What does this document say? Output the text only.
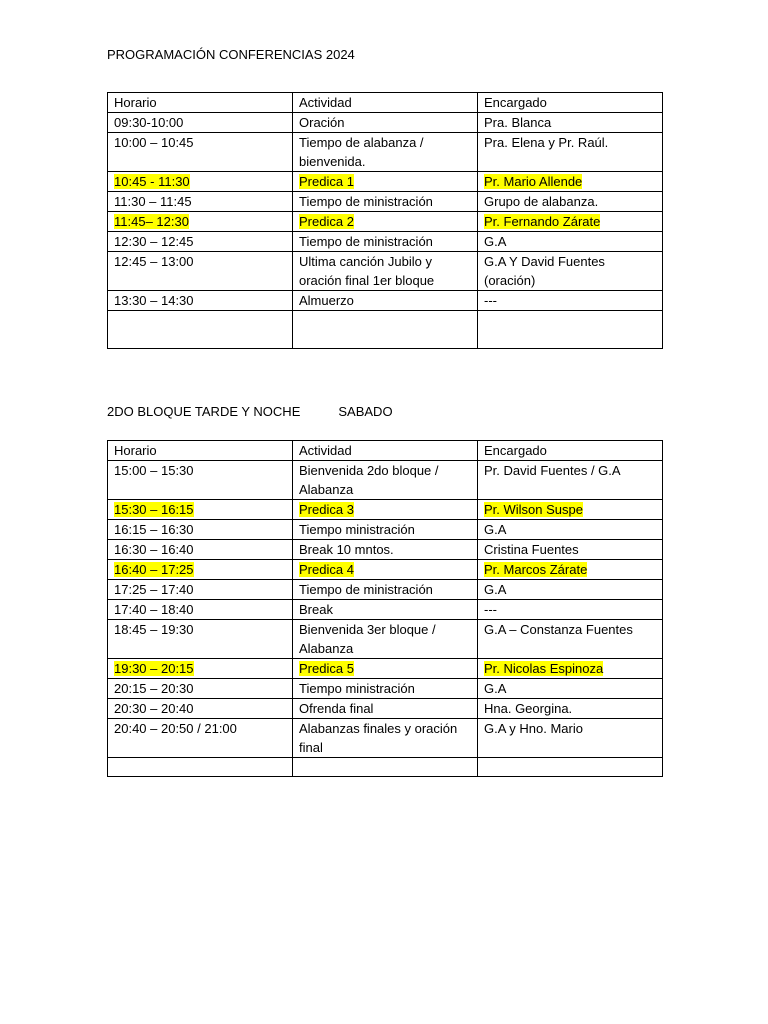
PROGRAMACIÓN CONFERENCIAS 2024

Horario	Actividad	Encargado
09:30-10:00	Oración	Pra. Blanca
10:00 – 10:45	Tiempo de alabanza / bienvenida.	Pra. Elena y Pr. Raúl.
10:45 - 11:30	Predica 1	Pr. Mario Allende
11:30 – 11:45	Tiempo de ministración	Grupo de alabanza.
11:45– 12:30	Predica 2	Pr. Fernando Zárate
12:30 – 12:45	Tiempo de ministración	G.A
12:45 – 13:00	Ultima canción Jubilo y oración final 1er bloque	G.A Y David Fuentes (oración)
13:30 – 14:30	Almuerzo	---

2DO BLOQUE TARDE Y NOCHE	SABADO

Horario	Actividad	Encargado
15:00 – 15:30	Bienvenida 2do bloque / Alabanza	Pr. David Fuentes / G.A
15:30 – 16:15	Predica 3	Pr. Wilson Suspe
16:15 – 16:30	Tiempo ministración	G.A
16:30 – 16:40	Break 10 mntos.	Cristina Fuentes
16:40 – 17:25	Predica 4	Pr. Marcos Zárate
17:25 – 17:40	Tiempo de ministración	G.A
17:40 – 18:40	Break	---
18:45 – 19:30	Bienvenida 3er bloque / Alabanza	G.A – Constanza Fuentes
19:30 – 20:15	Predica 5	Pr. Nicolas Espinoza
20:15 – 20:30	Tiempo ministración	G.A
20:30 – 20:40	Ofrenda final	Hna. Georgina.
20:40 – 20:50 / 21:00	Alabanzas finales y oración final	G.A y Hno. Mario
